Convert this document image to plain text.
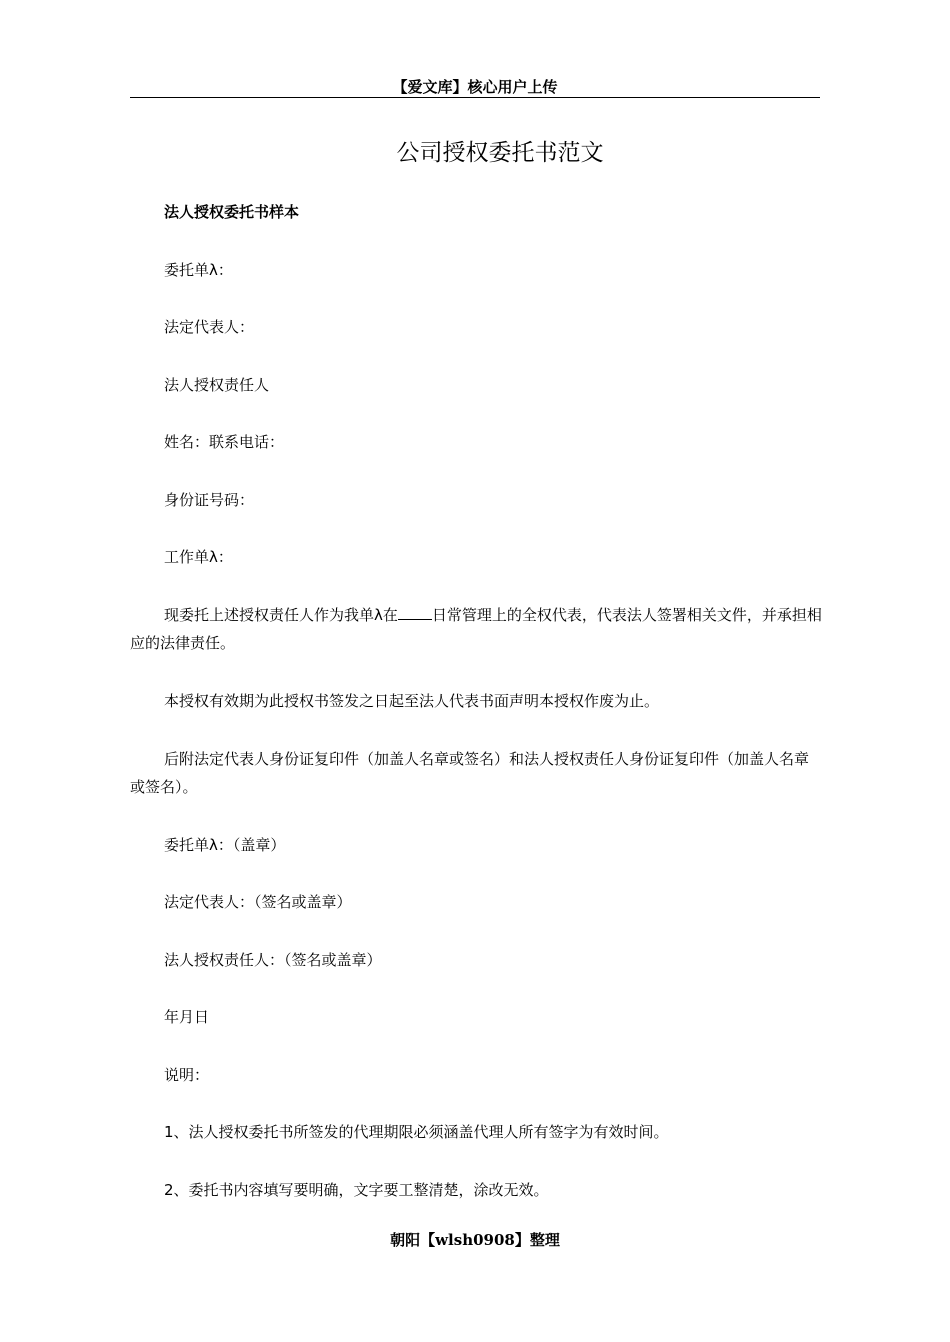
【爱文库】核心用户上传
公司授权委托书范文

法人授权委托书样本

委托单λ：

法定代表人：

法人授权责任人

姓名：联系电话：

身份证号码：

工作单λ：

现委托上述授权责任人作为我单λ在 日常管理上的全权代表，代表法人签署相关文件，并承担相应的法律责任。

本授权有效期为此授权书签发之日起至法人代表书面声明本授权作废为止。

后附法定代表人身份证复印件（加盖人名章或签名）和法人授权责任人身份证复印件（加盖人名章或签名）。

委托单λ：（盖章）

法定代表人：（签名或盖章）

法人授权责任人：（签名或盖章）

年月日

说明：

1、法人授权委托书所签发的代理期限必须涵盖代理人所有签字为有效时间。

2、委托书内容填写要明确，文字要工整清楚，涂改无效。

朝阳【wlsh0908】整理
